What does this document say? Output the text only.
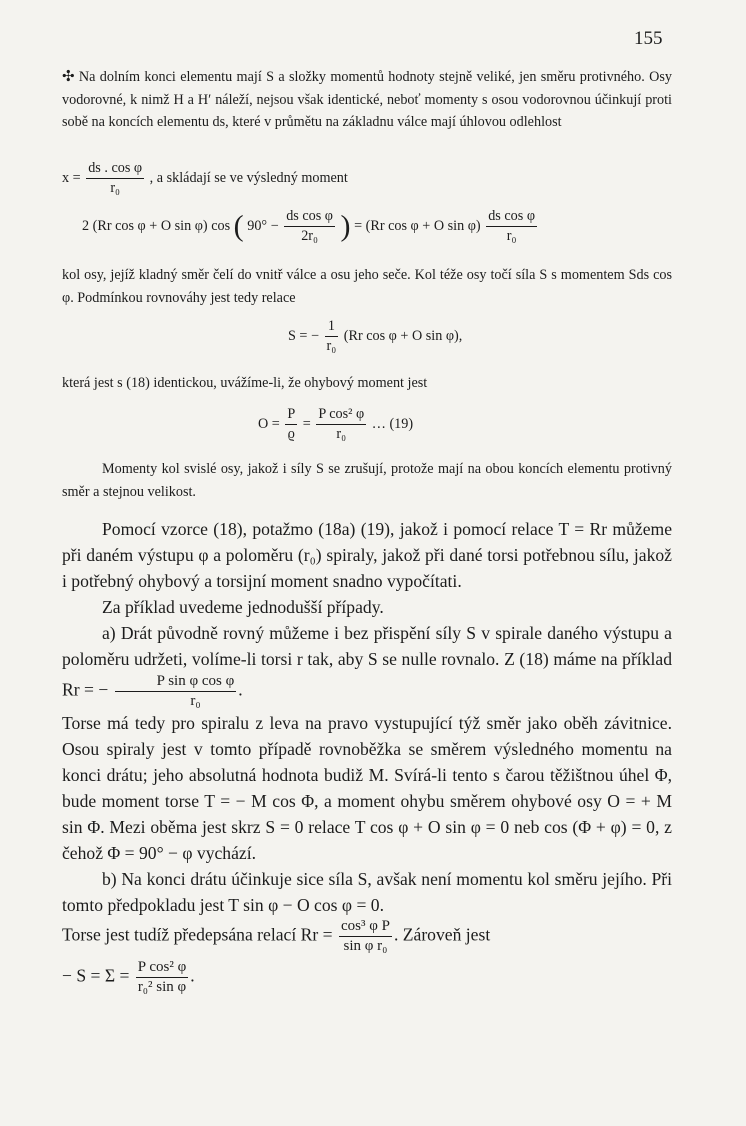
155

✣ Na dolním konci elementu mají S a složky momentů hodnoty stejně veliké, jen směru protivného. Osy vodorovné, k nimž H a H′ náleží, nejsou však identické, neboť momenty s osou vodorovnou účinkují proti sobě na koncích elementu ds, které v průmětu na základnu válce mají úhlovou odlehlost

$x = \frac{\text{ds . cos φ}}{\text{r₀}}$ , a skládají se ve výsledný moment
2 (Rr cos φ + O sin φ) cos ( $90^\circ - \frac{\text{ds cos φ}}{\text{2r₀}}$ ) = (Rr cos φ + O $\sin \varphi) \frac{\text{ds cos φ}}{\text{r₀}}$

kol osy, jejíž kladný směr čelí do vnitř válce a osu jeho seče. Kol téže osy točí síla S s momentem Sds cos φ. Podmínkou rovnováhy jest tedy relace

S = − $\frac{1}{\text{r₀}} (Rr$ cos φ + O sin φ),

která jest s (18) identickou, uvážíme-li, že ohybový moment jest

$O = \frac{P}{ϱ} = \frac{\text{P cos² φ}}{\text{r₀}}$ … (19)

Momenty kol svislé osy, jakož i síly S se zrušují, protože mají na obou koncích elementu protivný směr a stejnou velikost.

Pomocí vzorce (18), potažmo (18a) (19), jakož i pomocí relace T = Rr můžeme při daném výstupu φ a poloměru (r₀) spiraly, jakož při dané torsi potřebnou sílu, jakož i potřebný ohybový a torsijní moment snadno vypočítati.

Za příklad uvedeme jednodušší případy.

a) Drát původně rovný můžeme i bez přispění síly S v spirale daného výstupu a poloměru udržeti, volíme-li torsi r tak, aby S se nulle rovnalo. Z (18) máme na příklad Rr = − $\frac{\text{P sin φ cos φ}}{\text{r₀}}$ .

Torse má tedy pro spiralu z leva na pravo vystupující týž směr jako oběh závitnice. Osou spiraly jest v tomto případě rovnoběžka se směrem výsledného momentu na konci drátu; jeho absolutná hodnota budiž M. Svírá-li tento s čarou těžištnou úhel Φ, bude moment torse T = − M cos Φ, a moment ohybu směrem ohybové osy O = + M sin Φ. Mezi oběma jest skrz S = 0 relace T cos φ + O sin φ = 0 neb cos (Φ + φ) = 0, z čehož Φ = 90° − φ vychází.

b) Na konci drátu účinkuje sice síla S, avšak není momentu kol směru jejího. Při tomto předpokladu jest T sin φ − O cos φ = 0.

Torse jest tudíž předepsána relací $Rr = \frac{\text{cos³ φ P}}{\text{sin φ r₀}}$ . Zároveň jest

− $S = \Sigma = \frac{\text{P cos² φ}}{\text{r₀² sin φ}}$ .
